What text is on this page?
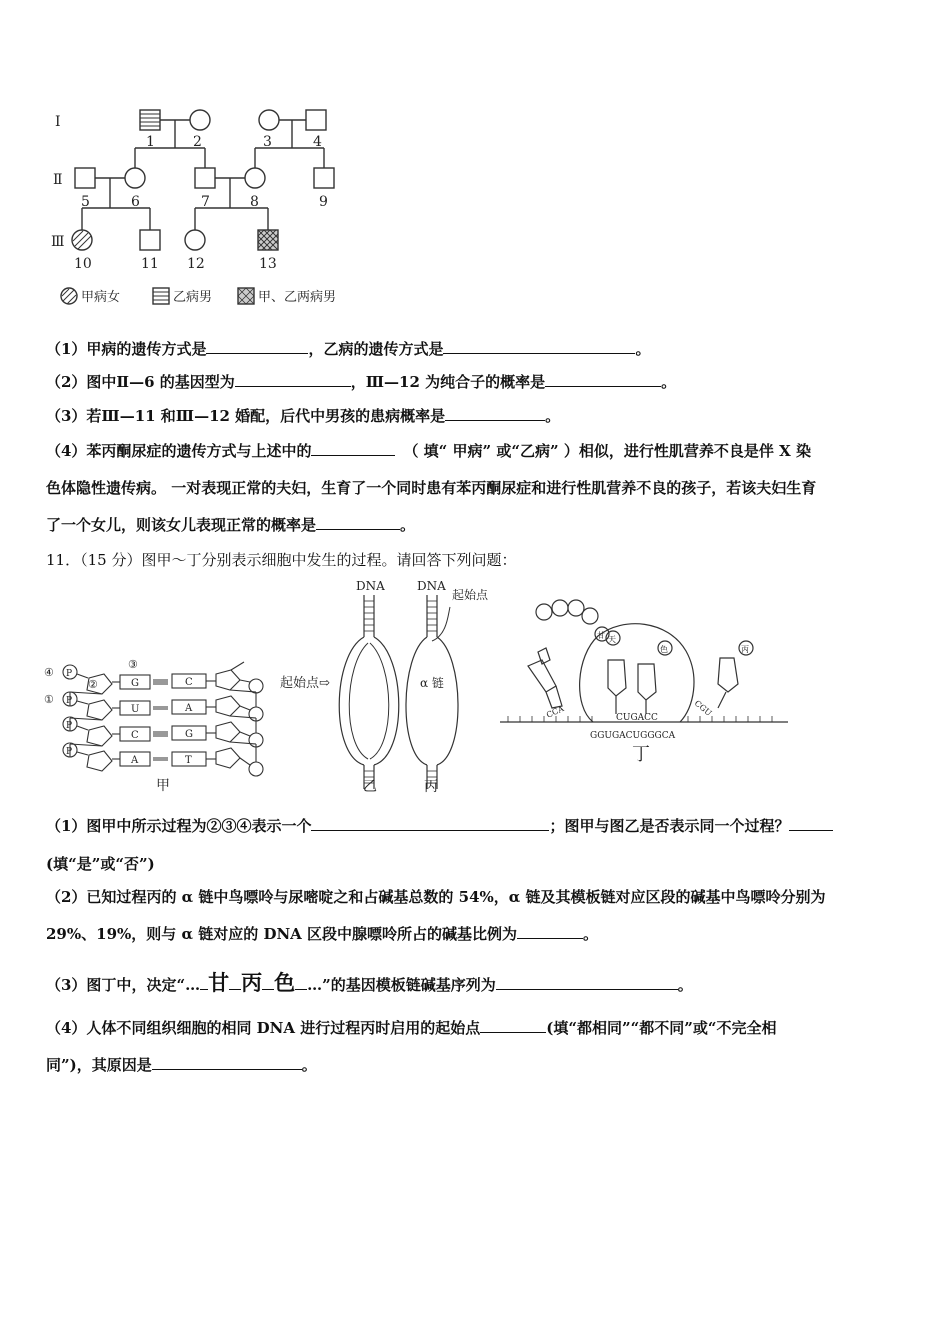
I
Ⅱ
Ⅲ
1	2	3	4
5	6	7	8	9
10	11 12	13
甲病女	乙病男	甲、乙两病男
（1）甲病的遗传方式是	，乙病的遗传方式是	。
（2）图中Ⅱ—6 的基因型为	，Ⅲ—12 为纯合子的概率是	。
（3）若Ⅲ—11 和Ⅲ—12 婚配，后代中男孩的患病概率是	。
（4）苯丙酮尿症的遗传方式与上述中的	（ 填“ 甲病” 或“乙病” ）相似，进行性肌营养不良是伴 X 染
色体隐性遗传病。 一对表现正常的夫妇，生育了一个同时患有苯丙酮尿症和进行性肌营养不良的孩子，若该夫妇生育
了一个女儿，则该女儿表现正常的概率是	。
11．（15 分）图甲～丁分别表示细胞中发生的过程。请回答下列问题：
④
①
②
③
P
P
P
P
G
U
C
A
C
A
G
T
甲
DNA	DNA
起始点
起始点⇨	α 链
乙	丙
甘 天
色	丙
CCA	CUGACC
CGU
GGUGACUGGGCA
丁
（1）图甲中所示过程为②③④表示一个	；图甲与图乙是否表示同一个过程？
(填“是”或“否”)
（2）已知过程丙的 α 链中鸟嘌呤与尿嘧啶之和占碱基总数的 54%，α 链及其模板链对应区段的碱基中鸟嘌呤分别为
29%、19%，则与 α 链对应的 DNA 区段中腺嘌呤所占的碱基比例为	。
（3）图丁中，决定“… 甘 丙 色 …”的基因模板链碱基序列为	。
（4）人体不同组织细胞的相同 DNA 进行过程丙时启用的起始点	(填“都相同”“都不同”或“不完全相
同”)，其原因是	。
